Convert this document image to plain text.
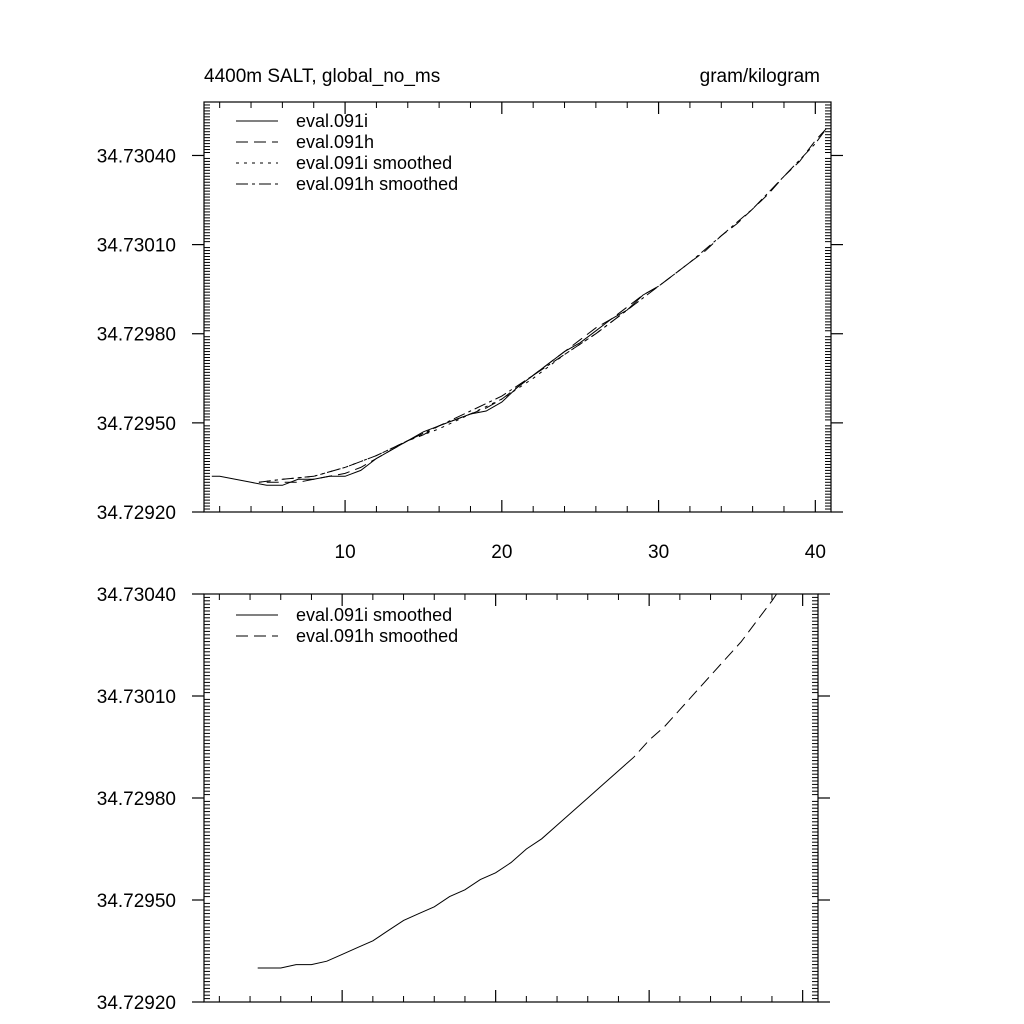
10	20	30	40
34.72920
34.72950
34.72980
34.73010
34.73040
4400m SALT, global_no_ms	gram/kilogram
eval.091i
eval.091h
eval.091i smoothed
eval.091h smoothed
34.72920
34.72950
34.72980
34.73010
34.73040
eval.091i smoothed
eval.091h smoothed
